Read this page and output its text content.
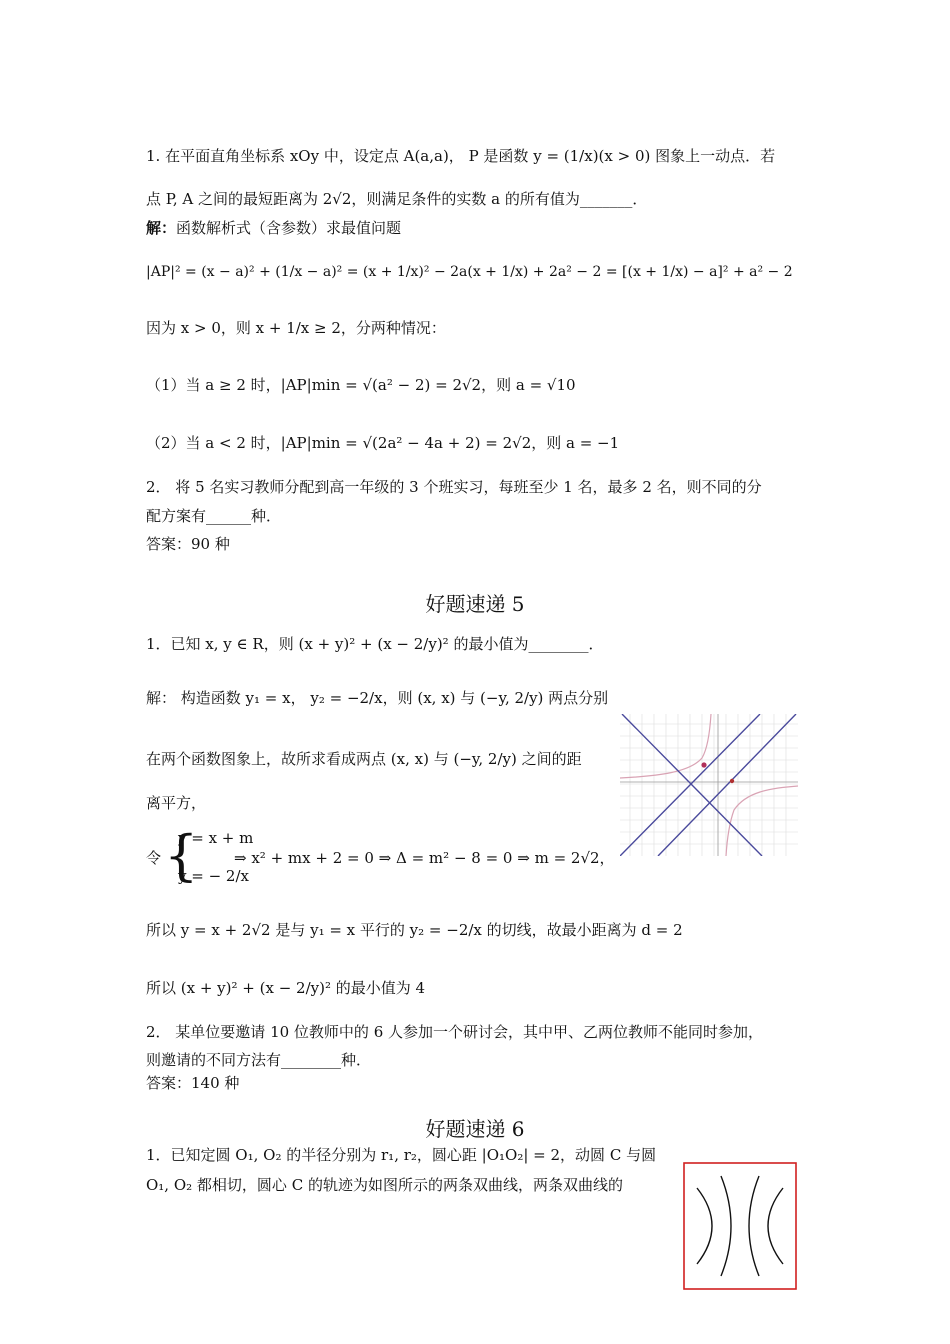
1. 在平面直角坐标系 xOy 中，设定点 A(a,a)， P 是函数 y = (1/x)(x > 0) 图象上一动点．若
点 P, A 之间的最短距离为 2√2，则满足条件的实数 a 的所有值为_______．
解：函数解析式（含参数）求最值问题
|AP|² = (x − a)² + (1/x − a)² = (x + 1/x)² − 2a(x + 1/x) + 2a² − 2 = [(x + 1/x) − a]² + a² − 2
因为 x > 0，则 x + 1/x ≥ 2，分两种情况：
（1）当 a ≥ 2 时，|AP|min = √(a² − 2) = 2√2，则 a = √10
（2）当 a < 2 时，|AP|min = √(2a² − 4a + 2) = 2√2，则 a = −1
2． 将 5 名实习教师分配到高一年级的 3 个班实习，每班至少 1 名，最多 2 名，则不同的分
配方案有______种．
答案：90 种
好题速递 5
1．已知 x, y ∈ R，则 (x + y)² + (x − 2/y)² 的最小值为________．
解： 构造函数 y₁ = x， y₂ = −2/x，则 (x, x) 与 (−y, 2/y) 两点分别
在两个函数图象上，故所求看成两点 (x, x) 与 (−y, 2/y) 之间的距
离平方，
令 {
y = x + m
y = − 2/x
⇒ x² + mx + 2 = 0 ⇒ Δ = m² − 8 = 0 ⇒ m = 2√2，
所以 y = x + 2√2 是与 y₁ = x 平行的 y₂ = −2/x 的切线，故最小距离为 d = 2
所以 (x + y)² + (x − 2/y)² 的最小值为 4
2． 某单位要邀请 10 位教师中的 6 人参加一个研讨会，其中甲、乙两位教师不能同时参加，
则邀请的不同方法有________种．
答案：140 种
好题速递 6
1．已知定圆 O₁, O₂ 的半径分别为 r₁, r₂，圆心距 |O₁O₂| = 2，动圆 C 与圆
O₁, O₂ 都相切，圆心 C 的轨迹为如图所示的两条双曲线，两条双曲线的
